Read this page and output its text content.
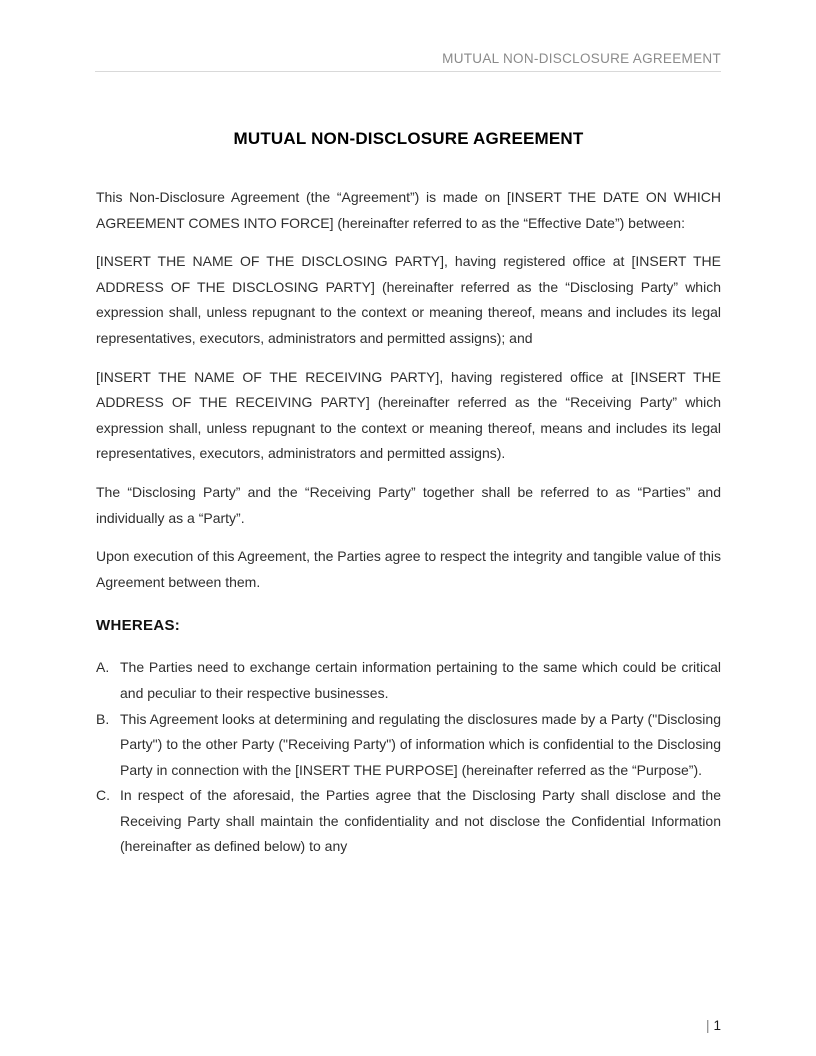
MUTUAL NON-DISCLOSURE AGREEMENT
MUTUAL NON-DISCLOSURE AGREEMENT

This Non-Disclosure Agreement (the “Agreement”) is made on [INSERT THE DATE ON WHICH AGREEMENT COMES INTO FORCE] (hereinafter referred to as the “Effective Date”) between:

[INSERT THE NAME OF THE DISCLOSING PARTY], having registered office at [INSERT THE ADDRESS OF THE DISCLOSING PARTY] (hereinafter referred as the “Disclosing Party” which expression shall, unless repugnant to the context or meaning thereof, means and includes its legal representatives, executors, administrators and permitted assigns); and

[INSERT THE NAME OF THE RECEIVING PARTY], having registered office at [INSERT THE ADDRESS OF THE RECEIVING PARTY] (hereinafter referred as the “Receiving Party” which expression shall, unless repugnant to the context or meaning thereof, means and includes its legal representatives, executors, administrators and permitted assigns).

The “Disclosing Party” and the “Receiving Party” together shall be referred to as “Parties” and individually as a “Party”.

Upon execution of this Agreement, the Parties agree to respect the integrity and tangible value of this Agreement between them.

WHEREAS:
A. The Parties need to exchange certain information pertaining to the same which could be critical and peculiar to their respective businesses.
B. This Agreement looks at determining and regulating the disclosures made by a Party ("Disclosing Party") to the other Party ("Receiving Party") of information which is confidential to the Disclosing Party in connection with the [INSERT THE PURPOSE] (hereinafter referred as the “Purpose”).
C. In respect of the aforesaid, the Parties agree that the Disclosing Party shall disclose and the Receiving Party shall maintain the confidentiality and not disclose the Confidential Information (hereinafter as defined below) to any
| 1
